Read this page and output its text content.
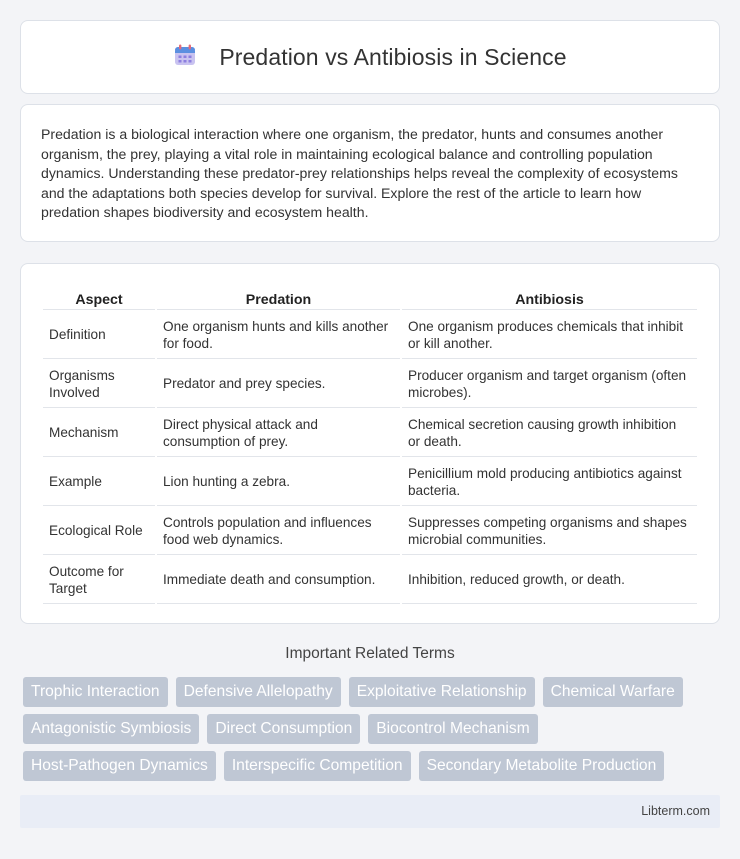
Predation vs Antibiosis in Science

Predation is a biological interaction where one organism, the predator, hunts and consumes another organism, the prey, playing a vital role in maintaining ecological balance and controlling population dynamics. Understanding these predator-prey relationships helps reveal the complexity of ecosystems and the adaptations both species develop for survival. Explore the rest of the article to learn how predation shapes biodiversity and ecosystem health.

Aspect	Predation	Antibiosis
Definition	One organism hunts and kills another for food.	One organism produces chemicals that inhibit or kill another.
Organisms Involved	Predator and prey species.	Producer organism and target organism (often microbes).
Mechanism	Direct physical attack and consumption of prey.	Chemical secretion causing growth inhibition or death.
Example	Lion hunting a zebra.	Penicillium mold producing antibiotics against bacteria.
Ecological Role	Controls population and influences food web dynamics.	Suppresses competing organisms and shapes microbial communities.
Outcome for Target	Immediate death and consumption.	Inhibition, reduced growth, or death.
Important Related Terms
Trophic Interaction	Defensive Allelopathy	Exploitative Relationship	Chemical Warfare
Antagonistic Symbiosis	Direct Consumption	Biocontrol Mechanism
Host-Pathogen Dynamics	Interspecific Competition	Secondary Metabolite Production
Libterm.com
